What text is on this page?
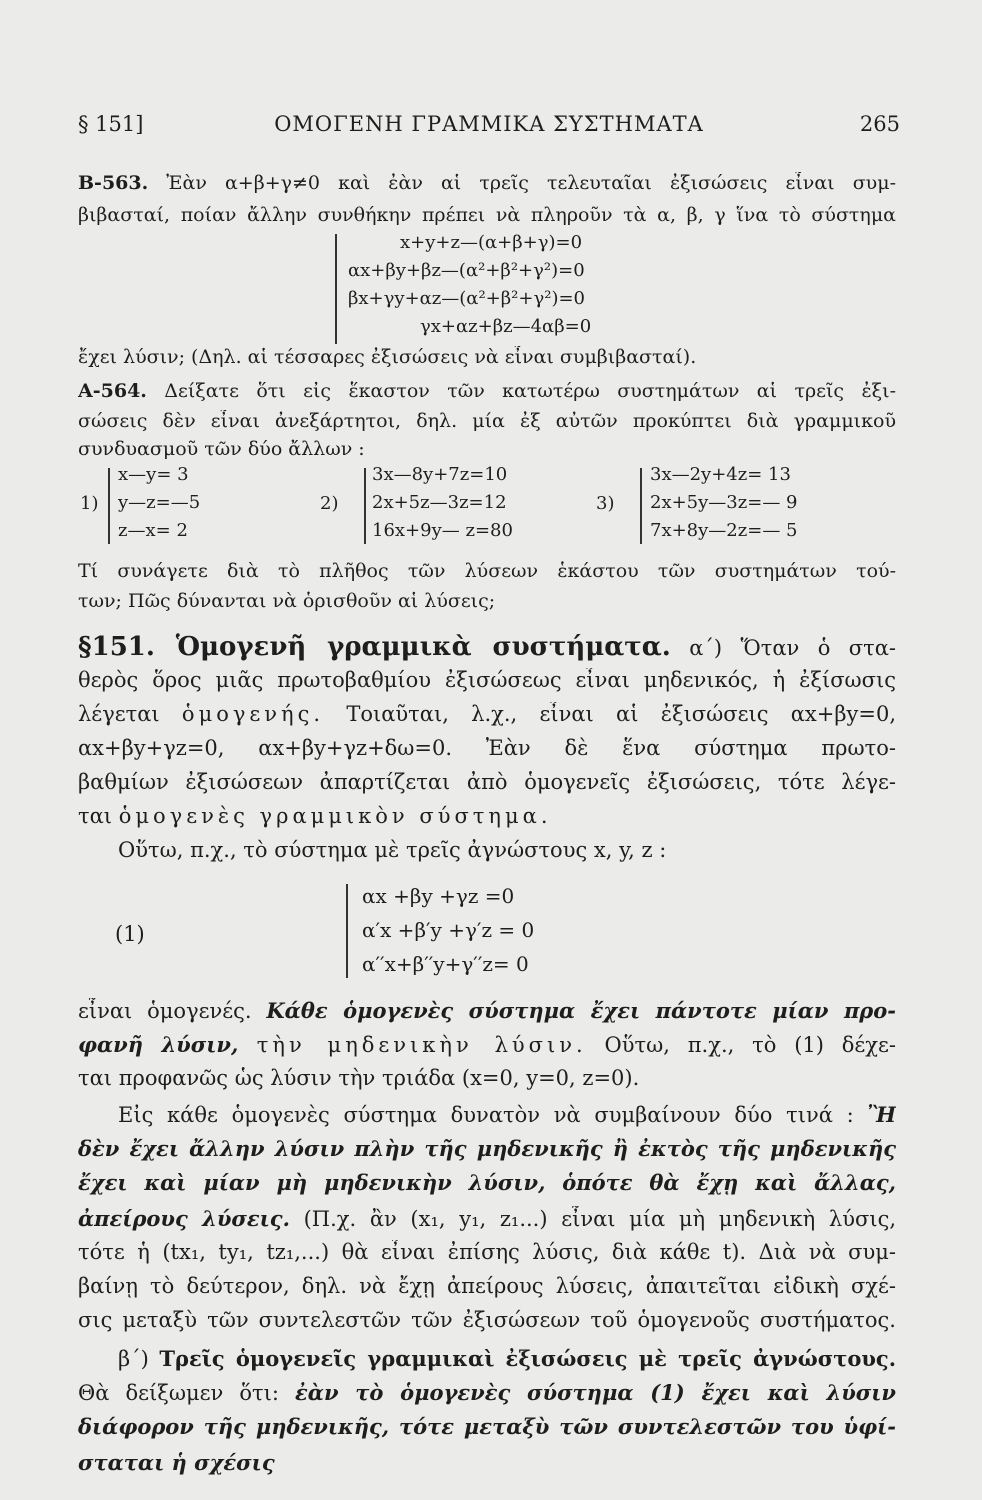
§ 151]	ΟΜΟΓΕΝΗ ΓΡΑΜΜΙΚΑ ΣΥΣΤΗΜΑΤΑ	265
Β-563. Ἐὰν α+β+γ≠0 καὶ ἐὰν αἱ τρεῖς τελευταῖαι ἐξισώσεις εἶναι συμ-
βιβασταί, ποίαν ἄλλην συνθήκην πρέπει νὰ πληροῦν τὰ α, β, γ ἵνα τὸ σύστημα
x+y+z—(α+β+γ)=0
αx+βy+βz—(α²+β²+γ²)=0
βx+γy+αz—(α²+β²+γ²)=0
γx+αz+βz—4αβ=0
ἔχει λύσιν; (Δηλ. αἱ τέσσαρες ἐξισώσεις νὰ εἶναι συμβιβασταί).
Α-564. Δείξατε ὅτι εἰς ἕκαστον τῶν κατωτέρω συστημάτων αἱ τρεῖς ἐξι-
σώσεις δὲν εἶναι ἀνεξάρτητοι, δηλ. μία ἐξ αὐτῶν προκύπτει διὰ γραμμικοῦ
συνδυασμοῦ τῶν δύο ἄλλων :
1)
x—y= 3
y—z=—5
z—x= 2
2)
3x—8y+7z=10
2x+5z—3z=12
16x+9y— z=80
3)
3x—2y+4z= 13
2x+5y—3z=— 9
7x+8y—2z=— 5
Τί συνάγετε διὰ τὸ πλῆθος τῶν λύσεων ἑκάστου τῶν συστημάτων τού-
των; Πῶς δύνανται νὰ ὁρισθοῦν αἱ λύσεις;
§151. Ὁμογενῆ γραμμικὰ συστήματα. α΄) Ὅταν ὁ στα-
θερὸς ὅρος μιᾶς πρωτοβαθμίου ἐξισώσεως εἶναι μηδενικός, ἡ ἐξίσωσις
λέγεται ὁμογενής. Τοιαῦται, λ.χ., εἶναι αἱ ἐξισώσεις αx+βy=0,
αx+βy+γz=0, αx+βy+γz+δω=0. Ἐὰν δὲ ἕνα σύστημα πρωτο-
βαθμίων ἐξισώσεων ἀπαρτίζεται ἀπὸ ὁμογενεῖς ἐξισώσεις, τότε λέγε-
ται ὁμογενὲς γραμμικὸν σύστημα.
Οὕτω, π.χ., τὸ σύστημα μὲ τρεῖς ἀγνώστους x, y, z :
(1)
αx +βy +γz =0
α′x +β′y +γ′z = 0
α′′x+β′′y+γ′′z= 0
εἶναι ὁμογενές. Κάθε ὁμογενὲς σύστημα ἔχει πάντοτε μίαν προ-
φανῆ λύσιν, τὴν μηδενικὴν λύσιν. Οὕτω, π.χ., τὸ (1) δέχε-
ται προφανῶς ὡς λύσιν τὴν τριάδα (x=0, y=0, z=0).
Εἰς κάθε ὁμογενὲς σύστημα δυνατὸν νὰ συμβαίνουν δύο τινά : Ἢ
δὲν ἔχει ἄλλην λύσιν πλὴν τῆς μηδενικῆς ἢ ἐκτὸς τῆς μηδενικῆς
ἔχει καὶ μίαν μὴ μηδενικὴν λύσιν, ὁπότε θὰ ἔχῃ καὶ ἄλλας,
ἀπείρους λύσεις. (Π.χ. ἂν (x₁, y₁, z₁...) εἶναι μία μὴ μηδενικὴ λύσις,
τότε ἡ (tx₁, ty₁, tz₁,...) θὰ εἶναι ἐπίσης λύσις, διὰ κάθε t). Διὰ νὰ συμ-
βαίνῃ τὸ δεύτερον, δηλ. νὰ ἔχῃ ἀπείρους λύσεις, ἀπαιτεῖται εἰδικὴ σχέ-
σις μεταξὺ τῶν συντελεστῶν τῶν ἐξισώσεων τοῦ ὁμογενοῦς συστήματος.
β΄) Τρεῖς ὁμογενεῖς γραμμικαὶ ἐξισώσεις μὲ τρεῖς ἀγνώστους.
Θὰ δείξωμεν ὅτι: ἐὰν τὸ ὁμογενὲς σύστημα (1) ἔχει καὶ λύσιν
διάφορον τῆς μηδενικῆς, τότε μεταξὺ τῶν συντελεστῶν του ὑφί-
σταται ἡ σχέσις
